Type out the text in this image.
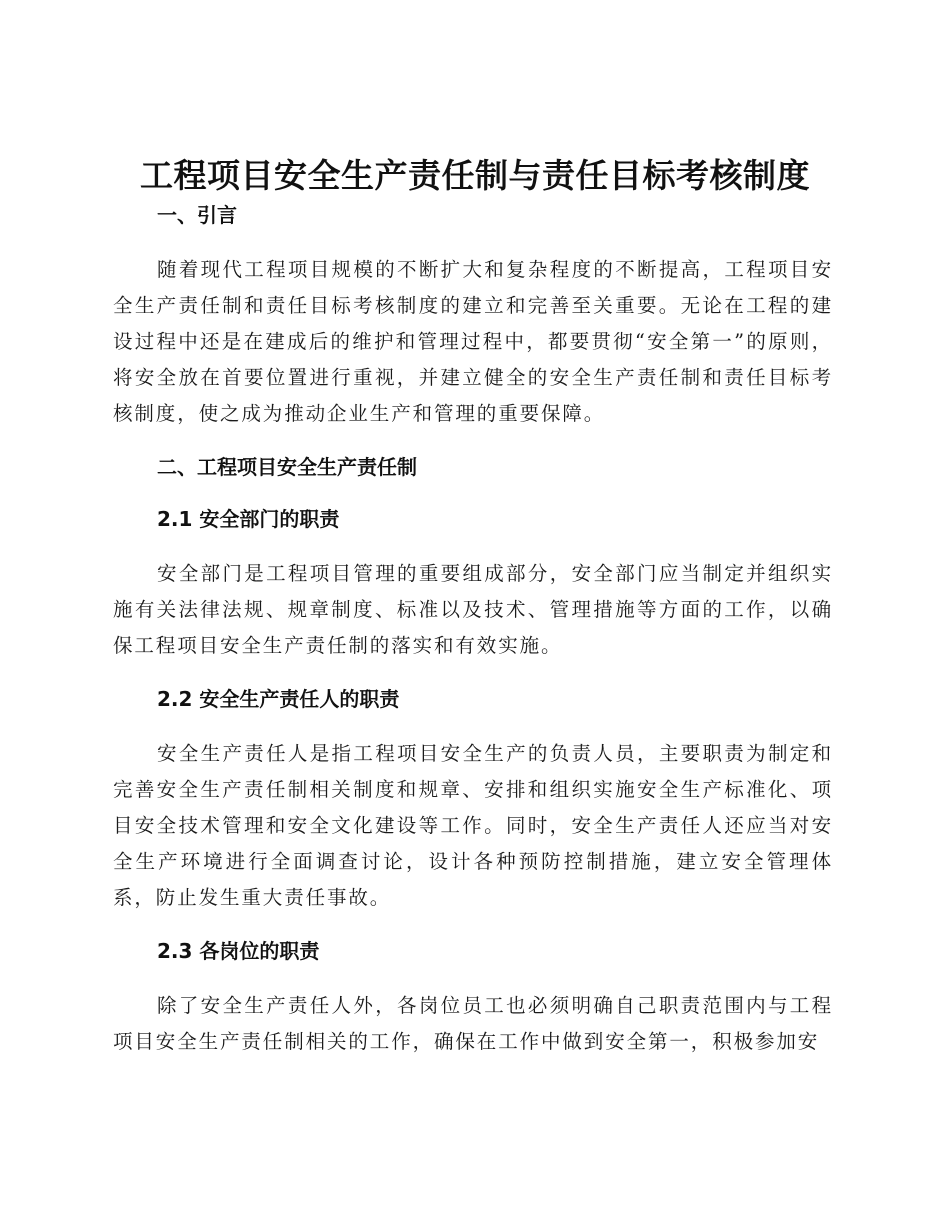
工程项目安全生产责任制与责任目标考核制度
一、引言

随着现代工程项目规模的不断扩大和复杂程度的不断提高，工程项目安全生产责任制和责任目标考核制度的建立和完善至关重要。无论在工程的建设过程中还是在建成后的维护和管理过程中，都要贯彻“安全第一”的原则，将安全放在首要位置进行重视，并建立健全的安全生产责任制和责任目标考核制度，使之成为推动企业生产和管理的重要保障。

二、工程项目安全生产责任制
2.1 安全部门的职责

安全部门是工程项目管理的重要组成部分，安全部门应当制定并组织实施有关法律法规、规章制度、标准以及技术、管理措施等方面的工作，以确保工程项目安全生产责任制的落实和有效实施。

2.2 安全生产责任人的职责

安全生产责任人是指工程项目安全生产的负责人员，主要职责为制定和完善安全生产责任制相关制度和规章、安排和组织实施安全生产标准化、项目安全技术管理和安全文化建设等工作。同时，安全生产责任人还应当对安全生产环境进行全面调查讨论，设计各种预防控制措施，建立安全管理体系，防止发生重大责任事故。

2.3 各岗位的职责

除了安全生产责任人外，各岗位员工也必须明确自己职责范围内与工程项目安全生产责任制相关的工作，确保在工作中做到安全第一，积极参加安
